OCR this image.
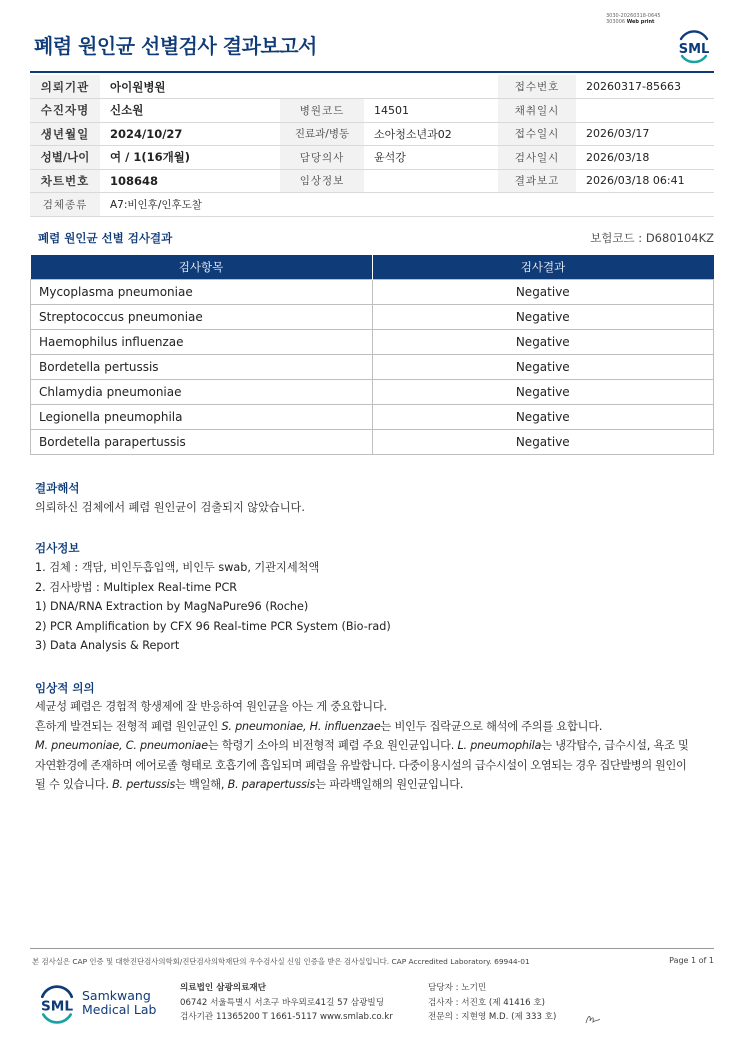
3030-20260318-0645
303006 Web print
폐렴 원인균 선별검사 결과보고서	SML
의뢰기관	아이원병원			접수번호	20260317-85663
수진자명	신소원	병원코드	14501	채취일시	
생년월일	2024/10/27	진료과/병동	소아청소년과02	접수일시	2026/03/17
성별/나이	여 / 1(16개월)	담당의사	윤석강	검사일시	2026/03/18
차트번호	108648	임상정보		결과보고	2026/03/18 06:41
검체종류	A7:비인후/인후도찰				
폐렴 원인균 선별 검사결과	보험코드 : D680104KZ
검사항목	검사결과
Mycoplasma pneumoniae	Negative
Streptococcus pneumoniae	Negative
Haemophilus influenzae	Negative
Bordetella pertussis	Negative
Chlamydia pneumoniae	Negative
Legionella pneumophila	Negative
Bordetella parapertussis	Negative
결과해석
의뢰하신 검체에서 폐렴 원인균이 검출되지 않았습니다.
검사정보
1. 검체 : 객담, 비인두흡입액, 비인두 swab, 기관지세척액
2. 검사방법 : Multiplex Real-time PCR
1) DNA/RNA Extraction by MagNaPure96 (Roche)
2) PCR Amplification by CFX 96 Real-time PCR System (Bio-rad)
3) Data Analysis & Report
임상적 의의
세균성 폐렴은 경험적 항생제에 잘 반응하여 원인균을 아는 게 중요합니다.
흔하게 발견되는 전형적 폐렴 원인균인 S. pneumoniae, H. influenzae는 비인두 집락균으로 해석에 주의를 요합니다.
M. pneumoniae, C. pneumoniae는 학령기 소아의 비전형적 폐렴 주요 원인균입니다. L. pneumophila는 냉각탑수, 급수시설, 욕조 및
자연환경에 존재하며 에어로졸 형태로 호흡기에 흡입되며 폐렴을 유발합니다. 다중이용시설의 급수시설이 오염되는 경우 집단발병의 원인이
될 수 있습니다. B. pertussis는 백일해, B. parapertussis는 파라백일해의 원인균입니다.
본 검사실은 CAP 인증 및 대한진단검사의학회/진단검사의학재단의 우수검사실 신임 인증을 받은 검사실입니다. CAP Accredited Laboratory. 69944-01	Page 1 of 1
SML
Samkwang
Medical Lab
의료법인 삼광의료재단
06742 서울특별시 서초구 바우뫼로41길 57 삼광빌딩
검사기관 11365200 T 1661-5117 www.smlab.co.kr
담당자 : 노기민
검사자 : 서진호 (제 41416 호)
전문의 : 지현영 M.D. (제 333 호)
